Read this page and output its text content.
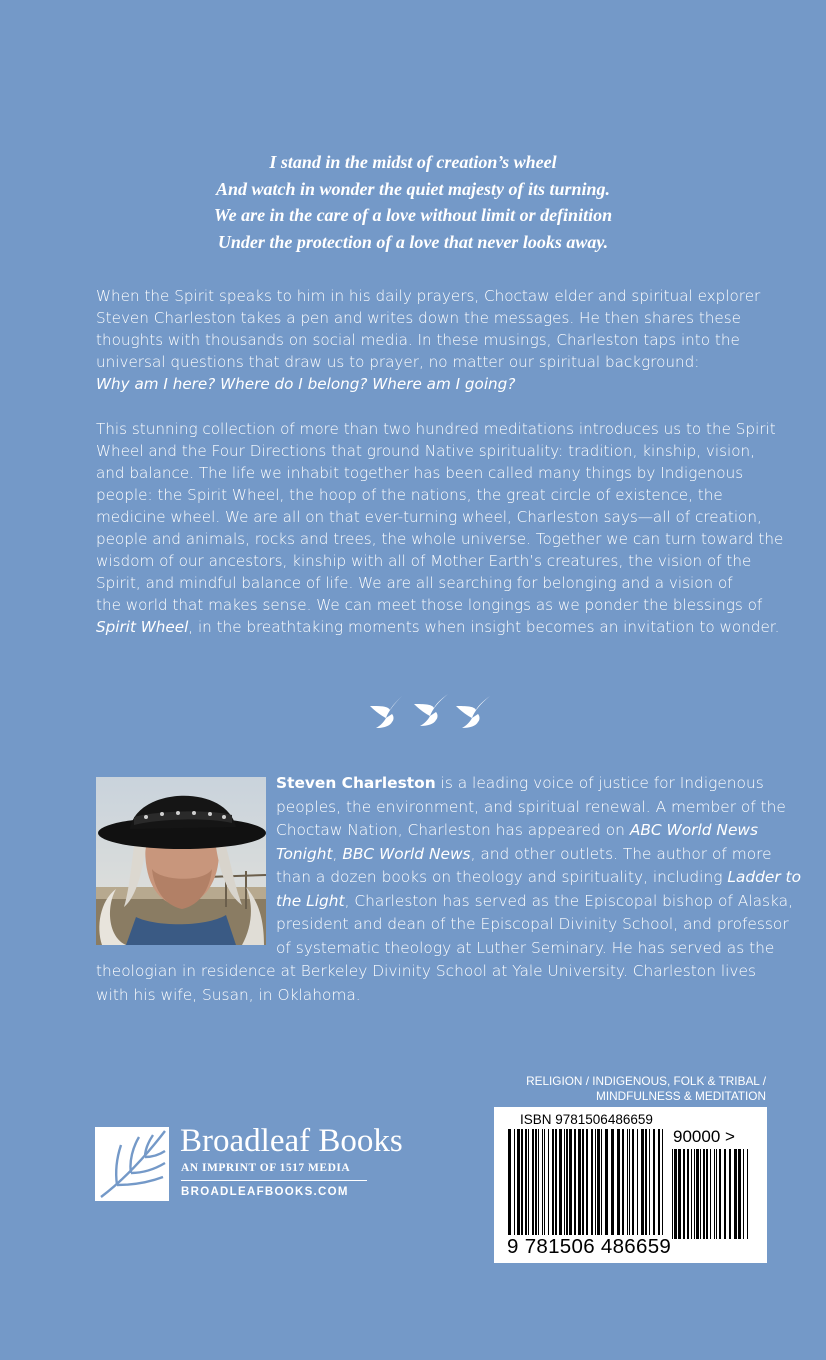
I stand in the midst of creation’s wheel
And watch in wonder the quiet majesty of its turning.
We are in the care of a love without limit or definition
Under the protection of a love that never looks away.
When the Spirit speaks to him in his daily prayers, Choctaw elder and spiritual explorer
Steven Charleston takes a pen and writes down the messages. He then shares these
thoughts with thousands on social media. In these musings, Charleston taps into the
universal questions that draw us to prayer, no matter our spiritual background:
Why am I here? Where do I belong? Where am I going?
This stunning collection of more than two hundred meditations introduces us to the Spirit
Wheel and the Four Directions that ground Native spirituality: tradition, kinship, vision,
and balance. The life we inhabit together has been called many things by Indigenous
people: the Spirit Wheel, the hoop of the nations, the great circle of existence, the
medicine wheel. We are all on that ever-turning wheel, Charleston says—all of creation,
people and animals, rocks and trees, the whole universe. Together we can turn toward the
wisdom of our ancestors, kinship with all of Mother Earth’s creatures, the vision of the
Spirit, and mindful balance of life. We are all searching for belonging and a vision of
the world that makes sense. We can meet those longings as we ponder the blessings of
Spirit Wheel, in the breathtaking moments when insight becomes an invitation to wonder.
Steven Charleston is a leading voice of justice for Indigenous
peoples, the environment, and spiritual renewal. A member of the
Choctaw Nation, Charleston has appeared on ABC World News
Tonight, BBC World News, and other outlets. The author of more
than a dozen books on theology and spirituality, including Ladder to
the Light, Charleston has served as the Episcopal bishop of Alaska,
president and dean of the Episcopal Divinity School, and professor
of systematic theology at Luther Seminary. He has served as the
theologian in residence at Berkeley Divinity School at Yale University. Charleston lives
with his wife, Susan, in Oklahoma.
RELIGION / INDIGENOUS, FOLK & TRIBAL /
MINDFULNESS & MEDITATION
Broadleaf Books
AN IMPRINT OF 1517 MEDIA
BROADLEAFBOOKS.COM
ISBN 9781506486659
90000 >
9 781506 486659
